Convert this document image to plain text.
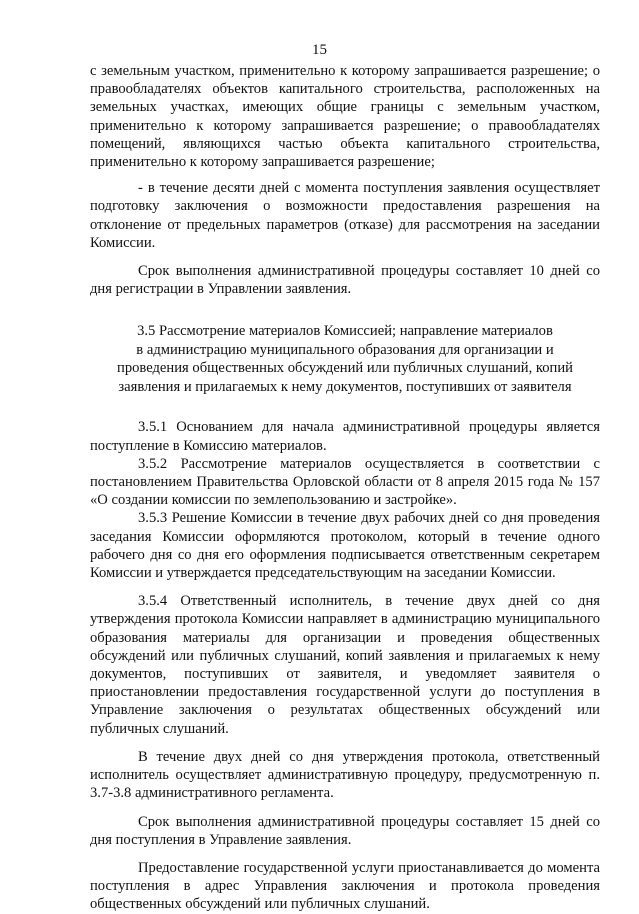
15

с земельным участком, применительно к которому запрашивается разрешение; о правообладателях объектов капитального строительства, расположенных на земельных участках, имеющих общие границы с земельным участком, применительно к которому запрашивается разрешение; о правообладателях помещений, являющихся частью объекта капитального строительства, применительно к которому запрашивается разрешение;

- в течение десяти дней с момента поступления заявления осуществляет подготовку заключения о возможности предоставления разрешения на отклонение от предельных параметров (отказе) для рассмотрения на заседании Комиссии.

Срок выполнения административной процедуры составляет 10 дней со дня регистрации в Управлении заявления.

3.5 Рассмотрение материалов Комиссией; направление материалов
в администрацию муниципального образования для организации и
проведения общественных обсуждений или публичных слушаний, копий
заявления и прилагаемых к нему документов, поступивших от заявителя

3.5.1 Основанием для начала административной процедуры является поступление в Комиссию материалов.

3.5.2 Рассмотрение материалов осуществляется в соответствии с постановлением Правительства Орловской области от 8 апреля 2015 года № 157 «О создании комиссии по землепользованию и застройке».

3.5.3 Решение Комиссии в течение двух рабочих дней со дня проведения заседания Комиссии оформляются протоколом, который в течение одного рабочего дня со дня его оформления подписывается ответственным секретарем Комиссии и утверждается председательствующим на заседании Комиссии.

3.5.4 Ответственный исполнитель, в течение двух дней со дня утверждения протокола Комиссии направляет в администрацию муниципального образования материалы для организации и проведения общественных обсуждений или публичных слушаний, копий заявления и прилагаемых к нему документов, поступивших от заявителя, и уведомляет заявителя о приостановлении предоставления государственной услуги до поступления в Управление заключения о результатах общественных обсуждений или публичных слушаний.

В течение двух дней со дня утверждения протокола, ответственный исполнитель осуществляет административную процедуру, предусмотренную п. 3.7-3.8 административного регламента.

Срок выполнения административной процедуры составляет 15 дней со дня поступления в Управление заявления.

Предоставление государственной услуги приостанавливается до момента поступления в адрес Управления заключения и протокола проведения общественных обсуждений или публичных слушаний.
